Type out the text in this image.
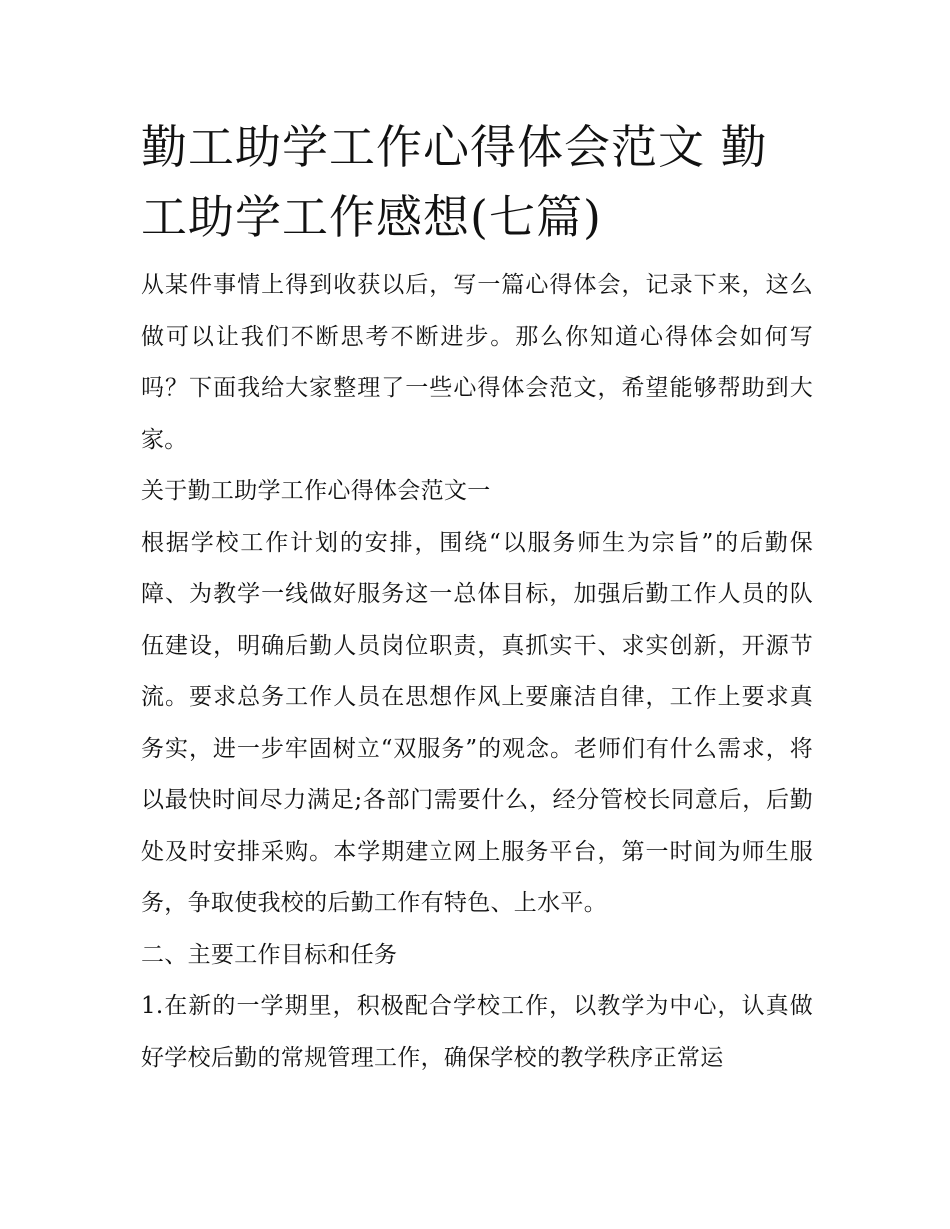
勤工助学工作心得体会范文 勤工助学工作感想(七篇)

从某件事情上得到收获以后，写一篇心得体会，记录下来，这么做可以让我们不断思考不断进步。那么你知道心得体会如何写吗？下面我给大家整理了一些心得体会范文，希望能够帮助到大家。

关于勤工助学工作心得体会范文一

根据学校工作计划的安排，围绕“以服务师生为宗旨”的后勤保障、为教学一线做好服务这一总体目标，加强后勤工作人员的队伍建设，明确后勤人员岗位职责，真抓实干、求实创新，开源节流。要求总务工作人员在思想作风上要廉洁自律，工作上要求真务实，进一步牢固树立“双服务”的观念。老师们有什么需求，将以最快时间尽力满足;各部门需要什么，经分管校长同意后，后勤处及时安排采购。本学期建立网上服务平台，第一时间为师生服务，争取使我校的后勤工作有特色、上水平。

二、主要工作目标和任务

1.在新的一学期里，积极配合学校工作，以教学为中心，认真做好学校后勤的常规管理工作，确保学校的教学秩序正常运
